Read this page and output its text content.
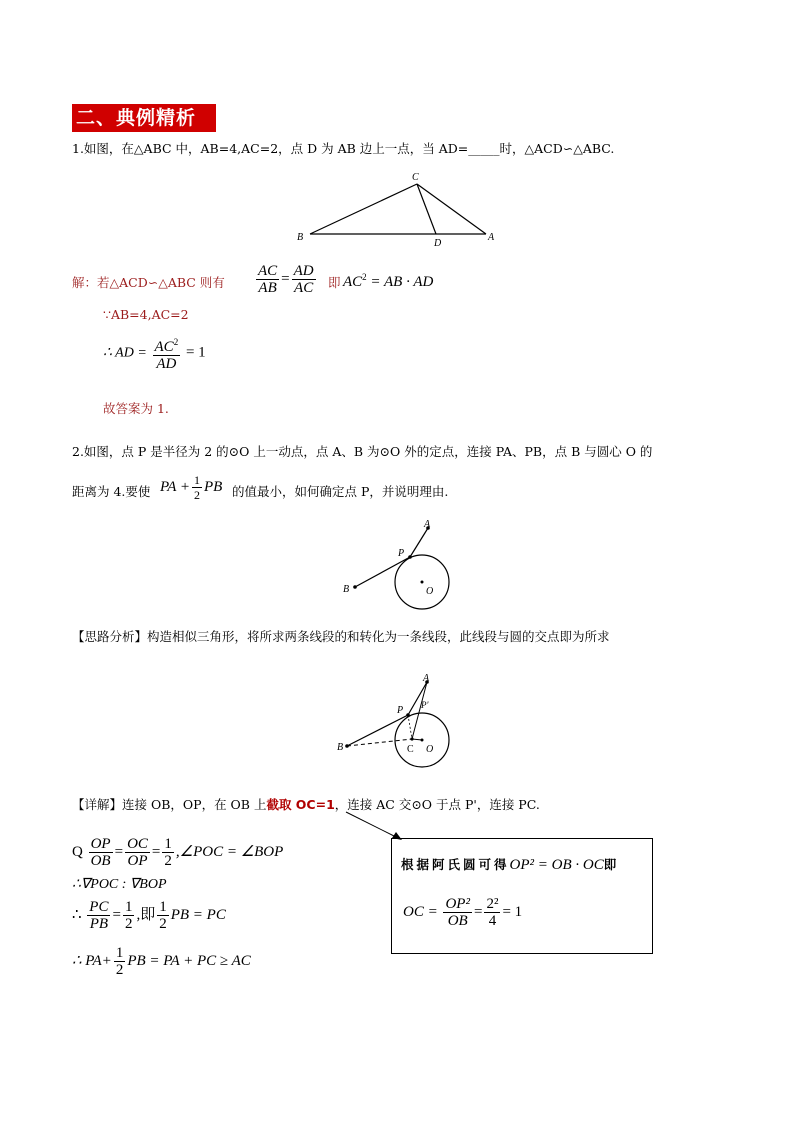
二、典例精析
1.如图，在△ABC 中，AB=4,AC=2，点 D 为 AB 边上一点，当 AD=_____时，△ACD∽△ABC.
C
B	A
D
解：若△ACD∽△ABC 则有 $\frac{AC}{AB} = \frac{AD}{AC}$ 即 $AC^2$ = AB · AD
∵AB=4,AC=2
∴ AD = $\frac{AC^2}{AD} = 1$
故答案为 1.
2.如图，点 P 是半径为 2 的⊙O 上一动点，点 A、B 为⊙O 外的定点，连接 PA、PB，点 B 与圆心 O 的
距离为 4.要使 PA + $\frac{1}{2}$ PB 的值最小，如何确定点 P，并说明理由.
A
P
B	O
【思路分析】构造相似三角形，将所求两条线段的和转化为一条线段，此线段与圆的交点即为所求
A
P P'
B	C O
【详解】连接 OB，OP，在 OB 上截取 OC=1，连接 AC 交⊙O 于点 P'，连接 PC.
Q $\frac{OP}{OB} = \frac{OC}{OP} = \frac{1}{2}$ ,∠POC = ∠BOP
∴∇POC : ∇BOP
∴ $\frac{PC}{PB} = \frac{1}{2}$ ,即 $\frac{1}{2}$ PB = PC
∴ $PA+ \frac{1}{2}$ PB = PA + PC ≥ AC
根据阿氏圆可得OP² = OB · OC即
OC = $\frac{\text{OP²}}{OB} = \frac{\text{2²}}{4} = 1$
